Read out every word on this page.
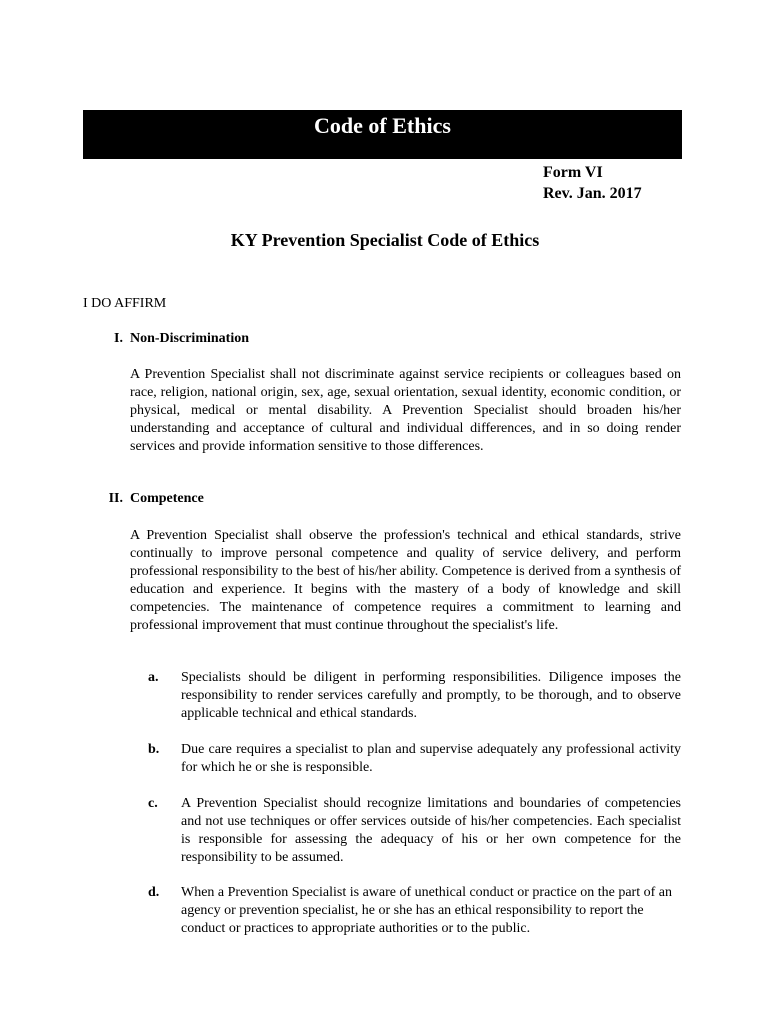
Code of Ethics
Form VI
Rev. Jan. 2017
KY Prevention Specialist Code of Ethics
I DO AFFIRM
I. Non-Discrimination
A Prevention Specialist shall not discriminate against service recipients or colleagues based on race, religion, national origin, sex, age, sexual orientation, sexual identity, economic condition, or physical, medical or mental disability. A Prevention Specialist should broaden his/her understanding and acceptance of cultural and individual differences, and in so doing render services and provide information sensitive to those differences.
II. Competence
A Prevention Specialist shall observe the profession's technical and ethical standards, strive continually to improve personal competence and quality of service delivery, and perform professional responsibility to the best of his/her ability. Competence is derived from a synthesis of education and experience. It begins with the mastery of a body of knowledge and skill competencies. The maintenance of competence requires a commitment to learning and professional improvement that must continue throughout the specialist's life.
a. Specialists should be diligent in performing responsibilities. Diligence imposes the responsibility to render services carefully and promptly, to be thorough, and to observe applicable technical and ethical standards.
b. Due care requires a specialist to plan and supervise adequately any professional activity for which he or she is responsible.
c. A Prevention Specialist should recognize limitations and boundaries of competencies and not use techniques or offer services outside of his/her competencies. Each specialist is responsible for assessing the adequacy of his or her own competence for the responsibility to be assumed.
d. When a Prevention Specialist is aware of unethical conduct or practice on the part of an agency or prevention specialist, he or she has an ethical responsibility to report the conduct or practices to appropriate authorities or to the public.
